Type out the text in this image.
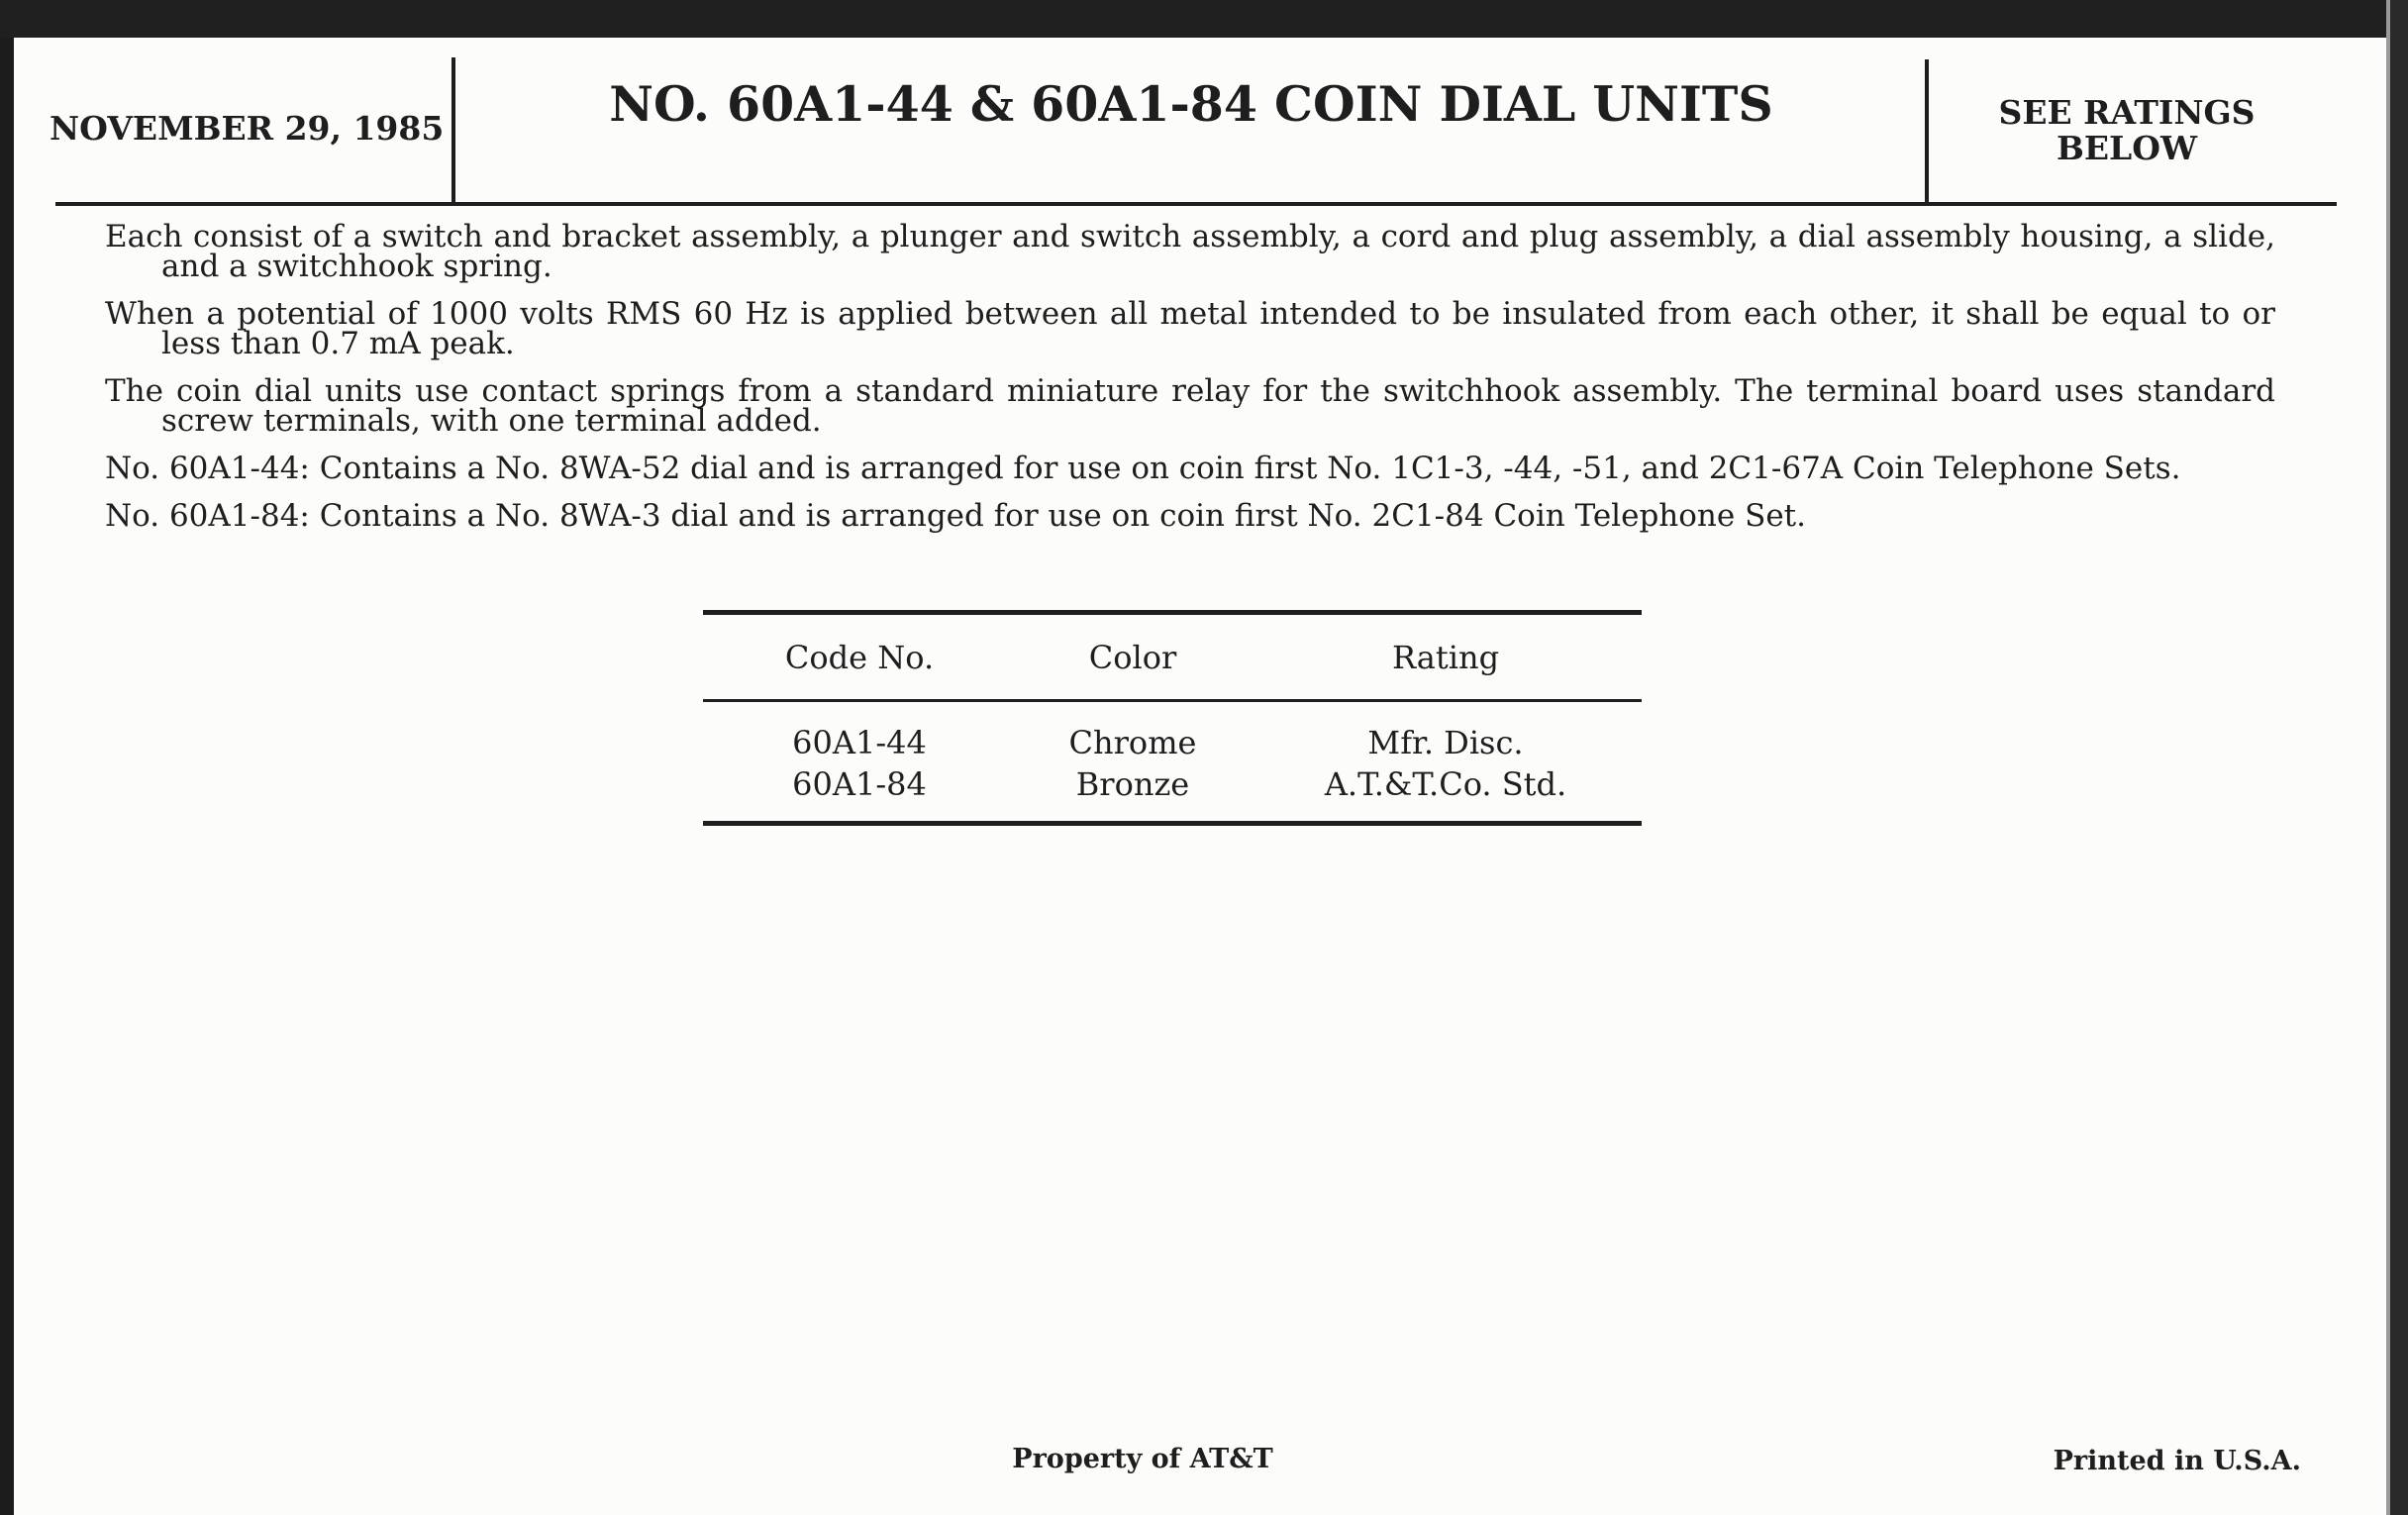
NOVEMBER 29, 1985	NO. 60A1-44 & 60A1-84 COIN DIAL UNITS	SEE RATINGS
BELOW

Each consist of a switch and bracket assembly, a plunger and switch assembly, a cord and plug assembly, a dial assembly housing, a slide, and a switchhook spring.

When a potential of 1000 volts RMS 60 Hz is applied between all metal intended to be insulated from each other, it shall be equal to or less than 0.7 mA peak.

The coin dial units use contact springs from a standard miniature relay for the switchhook assembly. The terminal board uses standard screw terminals, with one terminal added.

No. 60A1-44: Contains a No. 8WA-52 dial and is arranged for use on coin first No. 1C1-3, -44, -51, and 2C1-67A Coin Telephone Sets.

No. 60A1-84: Contains a No. 8WA-3 dial and is arranged for use on coin first No. 2C1-84 Coin Telephone Set.

Code No.	Color	Rating
60A1-44	Chrome	Mfr. Disc.
60A1-84	Bronze	A.T.&T.Co. Std.
Property of AT&T	Printed in U.S.A.
